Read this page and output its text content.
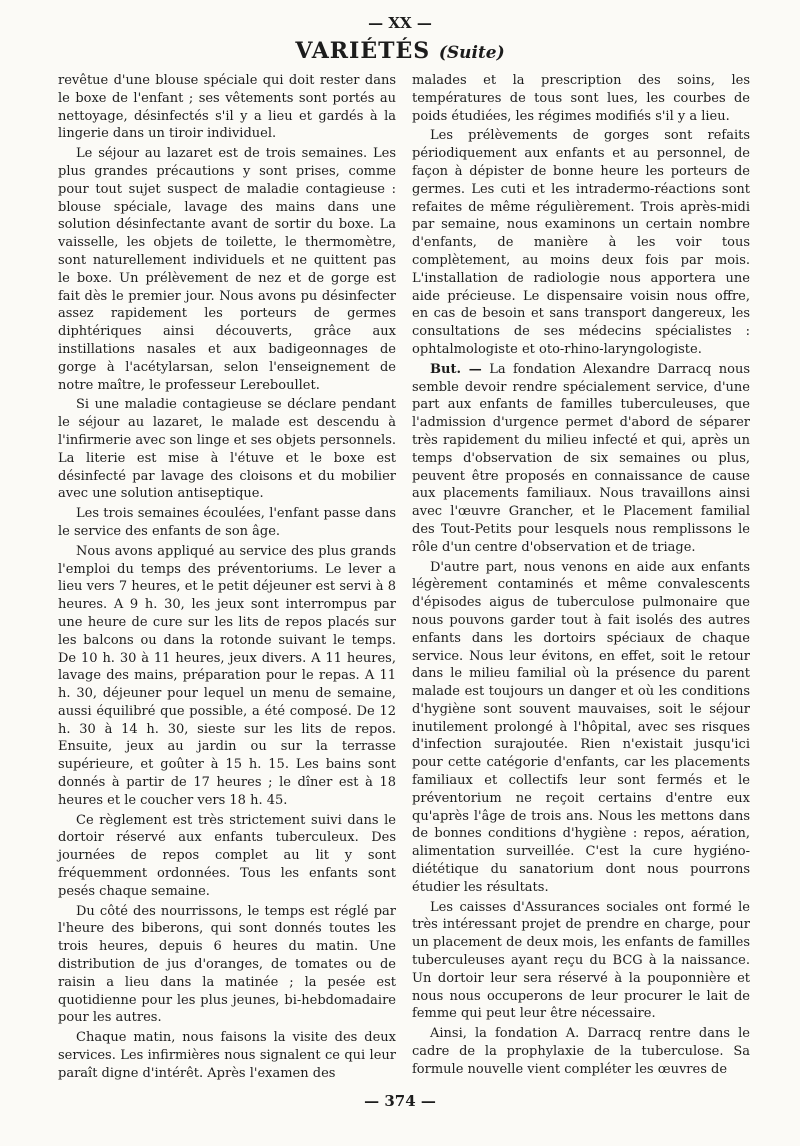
— XX —
VARIÉTÉS (Suite)

revêtue d'une blouse spéciale qui doit rester dans le boxe de l'enfant ; ses vêtements sont portés au nettoyage, désinfectés s'il y a lieu et gardés à la lingerie dans un tiroir individuel.

Le séjour au lazaret est de trois semaines. Les plus grandes précautions y sont prises, comme pour tout sujet suspect de maladie contagieuse : blouse spéciale, lavage des mains dans une solution désinfectante avant de sortir du boxe. La vaisselle, les objets de toilette, le thermomètre, sont naturellement individuels et ne quittent pas le boxe. Un prélèvement de nez et de gorge est fait dès le premier jour. Nous avons pu désinfecter assez rapidement les porteurs de germes diphtériques ainsi découverts, grâce aux instillations nasales et aux badigeonnages de gorge à l'acétylarsan, selon l'enseignement de notre maître, le professeur Lereboullet.

Si une maladie contagieuse se déclare pendant le séjour au lazaret, le malade est descendu à l'infirmerie avec son linge et ses objets personnels. La literie est mise à l'étuve et le boxe est désinfecté par lavage des cloisons et du mobilier avec une solution antiseptique.

Les trois semaines écoulées, l'enfant passe dans le service des enfants de son âge.

Nous avons appliqué au service des plus grands l'emploi du temps des préventoriums. Le lever a lieu vers 7 heures, et le petit déjeuner est servi à 8 heures. A 9 h. 30, les jeux sont interrompus par une heure de cure sur les lits de repos placés sur les balcons ou dans la rotonde suivant le temps. De 10 h. 30 à 11 heures, jeux divers. A 11 heures, lavage des mains, préparation pour le repas. A 11 h. 30, déjeuner pour lequel un menu de semaine, aussi équilibré que possible, a été composé. De 12 h. 30 à 14 h. 30, sieste sur les lits de repos. Ensuite, jeux au jardin ou sur la terrasse supérieure, et goûter à 15 h. 15. Les bains sont donnés à partir de 17 heures ; le dîner est à 18 heures et le coucher vers 18 h. 45.

Ce règlement est très strictement suivi dans le dortoir réservé aux enfants tuberculeux. Des journées de repos complet au lit y sont fréquemment ordonnées. Tous les enfants sont pesés chaque semaine.

Du côté des nourrissons, le temps est réglé par l'heure des biberons, qui sont donnés toutes les trois heures, depuis 6 heures du matin. Une distribution de jus d'oranges, de tomates ou de raisin a lieu dans la matinée ; la pesée est quotidienne pour les plus jeunes, bi-hebdomadaire pour les autres.

Chaque matin, nous faisons la visite des deux services. Les infirmières nous signalent ce qui leur paraît digne d'intérêt. Après l'examen des

malades et la prescription des soins, les températures de tous sont lues, les courbes de poids étudiées, les régimes modifiés s'il y a lieu.

Les prélèvements de gorges sont refaits périodiquement aux enfants et au personnel, de façon à dépister de bonne heure les porteurs de germes. Les cuti et les intradermo-réactions sont refaites de même régulièrement. Trois après-midi par semaine, nous examinons un certain nombre d'enfants, de manière à les voir tous complètement, au moins deux fois par mois. L'installation de radiologie nous apportera une aide précieuse. Le dispensaire voisin nous offre, en cas de besoin et sans transport dangereux, les consultations de ses médecins spécialistes : ophtalmologiste et oto-rhino-laryngologiste.

But. — La fondation Alexandre Darracq nous semble devoir rendre spécialement service, d'une part aux enfants de familles tuberculeuses, que l'admission d'urgence permet d'abord de séparer très rapidement du milieu infecté et qui, après un temps d'observation de six semaines ou plus, peuvent être proposés en connaissance de cause aux placements familiaux. Nous travaillons ainsi avec l'œuvre Grancher, et le Placement familial des Tout-Petits pour lesquels nous remplissons le rôle d'un centre d'observation et de triage.

D'autre part, nous venons en aide aux enfants légèrement contaminés et même convalescents d'épisodes aigus de tuberculose pulmonaire que nous pouvons garder tout à fait isolés des autres enfants dans les dortoirs spéciaux de chaque service. Nous leur évitons, en effet, soit le retour dans le milieu familial où la présence du parent malade est toujours un danger et où les conditions d'hygiène sont souvent mauvaises, soit le séjour inutilement prolongé à l'hôpital, avec ses risques d'infection surajoutée. Rien n'existait jusqu'ici pour cette catégorie d'enfants, car les placements familiaux et collectifs leur sont fermés et le préventorium ne reçoit certains d'entre eux qu'après l'âge de trois ans. Nous les mettons dans de bonnes conditions d'hygiène : repos, aération, alimentation surveillée. C'est la cure hygiéno-diététique du sanatorium dont nous pourrons étudier les résultats.

Les caisses d'Assurances sociales ont formé le très intéressant projet de prendre en charge, pour un placement de deux mois, les enfants de familles tuberculeuses ayant reçu du BCG à la naissance. Un dortoir leur sera réservé à la pouponnière et nous nous occuperons de leur procurer le lait de femme qui peut leur être nécessaire.

Ainsi, la fondation A. Darracq rentre dans le cadre de la prophylaxie de la tuberculose. Sa formule nouvelle vient compléter les œuvres de

— 374 —
